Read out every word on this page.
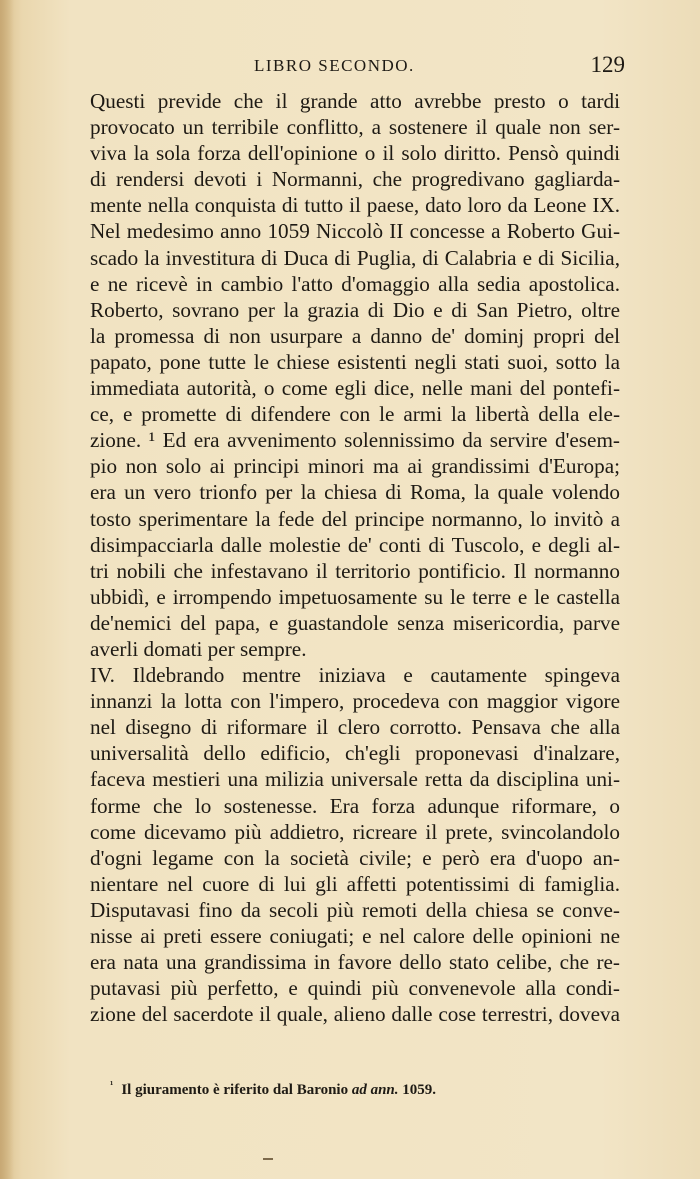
LIBRO SECONDO.	129
Questi previde che il grande atto avrebbe presto o tardi
provocato un terribile conflitto, a sostenere il quale non ser-
viva la sola forza dell'opinione o il solo diritto. Pensò quindi
di rendersi devoti i Normanni, che progredivano gagliarda-
mente nella conquista di tutto il paese, dato loro da Leone IX.
Nel medesimo anno 1059 Niccolò II concesse a Roberto Gui-
scado la investitura di Duca di Puglia, di Calabria e di Sicilia,
e ne ricevè in cambio l'atto d'omaggio alla sedia apostolica.
Roberto, sovrano per la grazia di Dio e di San Pietro, oltre
la promessa di non usurpare a danno de' dominj propri del
papato, pone tutte le chiese esistenti negli stati suoi, sotto la
immediata autorità, o come egli dice, nelle mani del pontefi-
ce, e promette di difendere con le armi la libertà della ele-
zione. ¹ Ed era avvenimento solennissimo da servire d'esem-
pio non solo ai principi minori ma ai grandissimi d'Europa;
era un vero trionfo per la chiesa di Roma, la quale volendo
tosto sperimentare la fede del principe normanno, lo invitò a
disimpacciarla dalle molestie de' conti di Tuscolo, e degli al-
tri nobili che infestavano il territorio pontificio. Il normanno
ubbidì, e irrompendo impetuosamente su le terre e le castella
de'nemici del papa, e guastandole senza misericordia, parve
averli domati per sempre.
IV. Ildebrando mentre iniziava e cautamente spingeva
innanzi la lotta con l'impero, procedeva con maggior vigore
nel disegno di riformare il clero corrotto. Pensava che alla
universalità dello edificio, ch'egli proponevasi d'inalzare,
faceva mestieri una milizia universale retta da disciplina uni-
forme che lo sostenesse. Era forza adunque riformare, o
come dicevamo più addietro, ricreare il prete, svincolandolo
d'ogni legame con la società civile; e però era d'uopo an-
nientare nel cuore di lui gli affetti potentissimi di famiglia.
Disputavasi fino da secoli più remoti della chiesa se conve-
nisse ai preti essere coniugati; e nel calore delle opinioni ne
era nata una grandissima in favore dello stato celibe, che re-
putavasi più perfetto, e quindi più convenevole alla condi-
zione del sacerdote il quale, alieno dalle cose terrestri, doveva
$^{^1}$ Il giuramento è riferito dal Baronio ad ann. 1059.
